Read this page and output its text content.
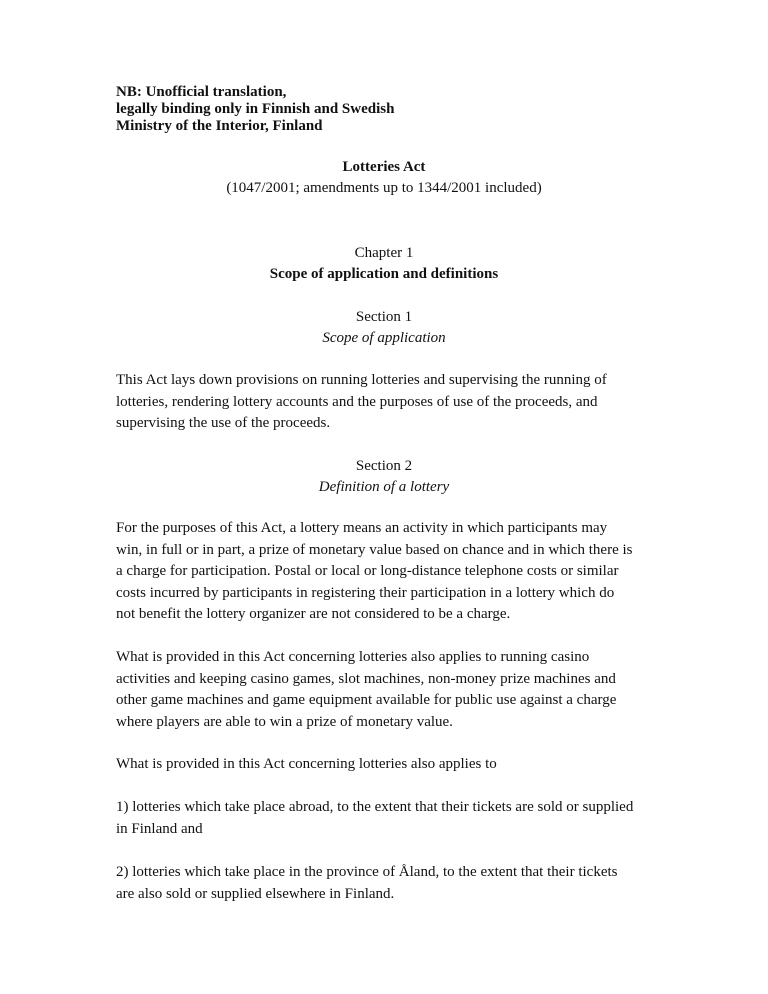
NB: Unofficial translation,
legally binding only in Finnish and Swedish
Ministry of the Interior, Finland
Lotteries Act
(1047/2001; amendments up to 1344/2001 included)
Chapter 1
Scope of application and definitions
Section 1
Scope of application
This Act lays down provisions on running lotteries and supervising the running of
lotteries, rendering lottery accounts and the purposes of use of the proceeds, and
supervising the use of the proceeds.
Section 2
Definition of a lottery
For the purposes of this Act, a lottery means an activity in which participants may
win, in full or in part, a prize of monetary value based on chance and in which there is
a charge for participation. Postal or local or long-distance telephone costs or similar
costs incurred by participants in registering their participation in a lottery which do
not benefit the lottery organizer are not considered to be a charge.
What is provided in this Act concerning lotteries also applies to running casino
activities and keeping casino games, slot machines, non-money prize machines and
other game machines and game equipment available for public use against a charge
where players are able to win a prize of monetary value.
What is provided in this Act concerning lotteries also applies to
1) lotteries which take place abroad, to the extent that their tickets are sold or supplied
in Finland and
2) lotteries which take place in the province of Åland, to the extent that their tickets
are also sold or supplied elsewhere in Finland.
